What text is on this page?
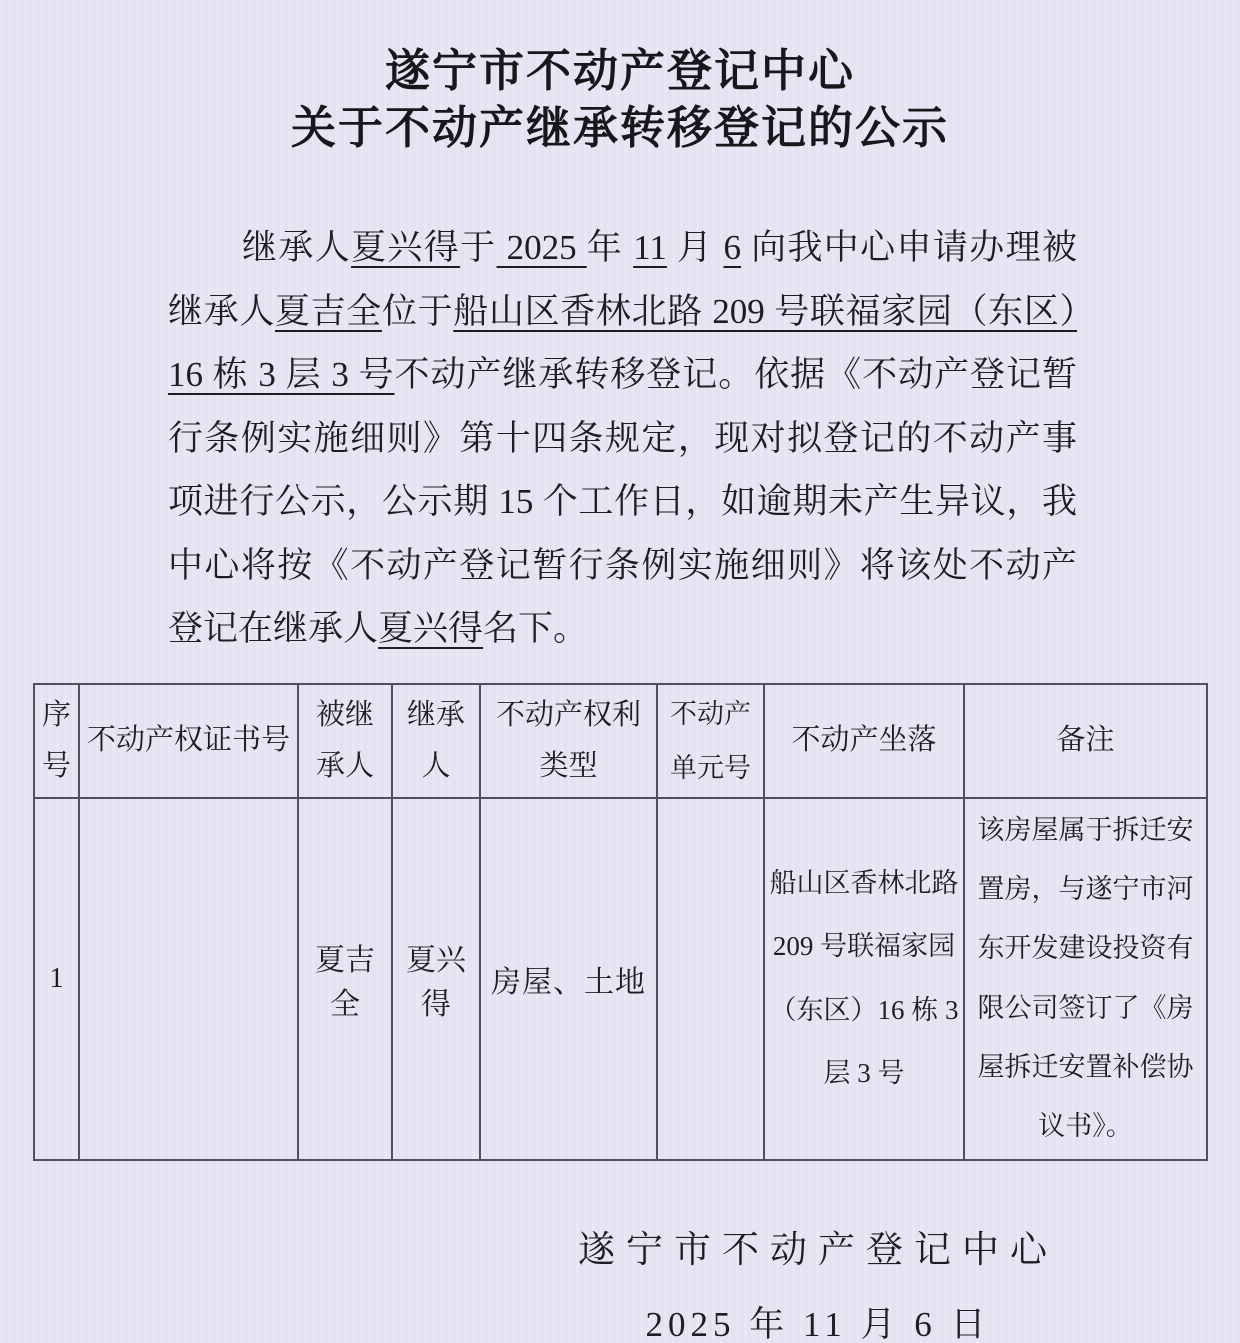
遂宁市不动产登记中心
关于不动产继承转移登记的公示

继承人夏兴得于 2025 年 11 月 6 向我中心申请办理被继承人夏吉全位于船山区香林北路 209 号联福家园（东区）16 栋 3 层 3 号不动产继承转移登记。依据《不动产登记暂行条例实施细则》第十四条规定，现对拟登记的不动产事项进行公示，公示期 15 个工作日，如逾期未产生异议，我中心将按《不动产登记暂行条例实施细则》将该处不动产登记在继承人夏兴得名下。

序号	不动产权证书号	被继承人	继承人	不动产权利类型	不动产单元号	不动产坐落	备注
1		夏吉全	夏兴得	房屋、土地		船山区香林北路 209 号联福家园（东区）16 栋 3 层 3 号	该房屋属于拆迁安置房，与遂宁市河东开发建设投资有限公司签订了《房屋拆迁安置补偿协议书》。
遂宁市不动产登记中心
2025 年 11 月 6 日
